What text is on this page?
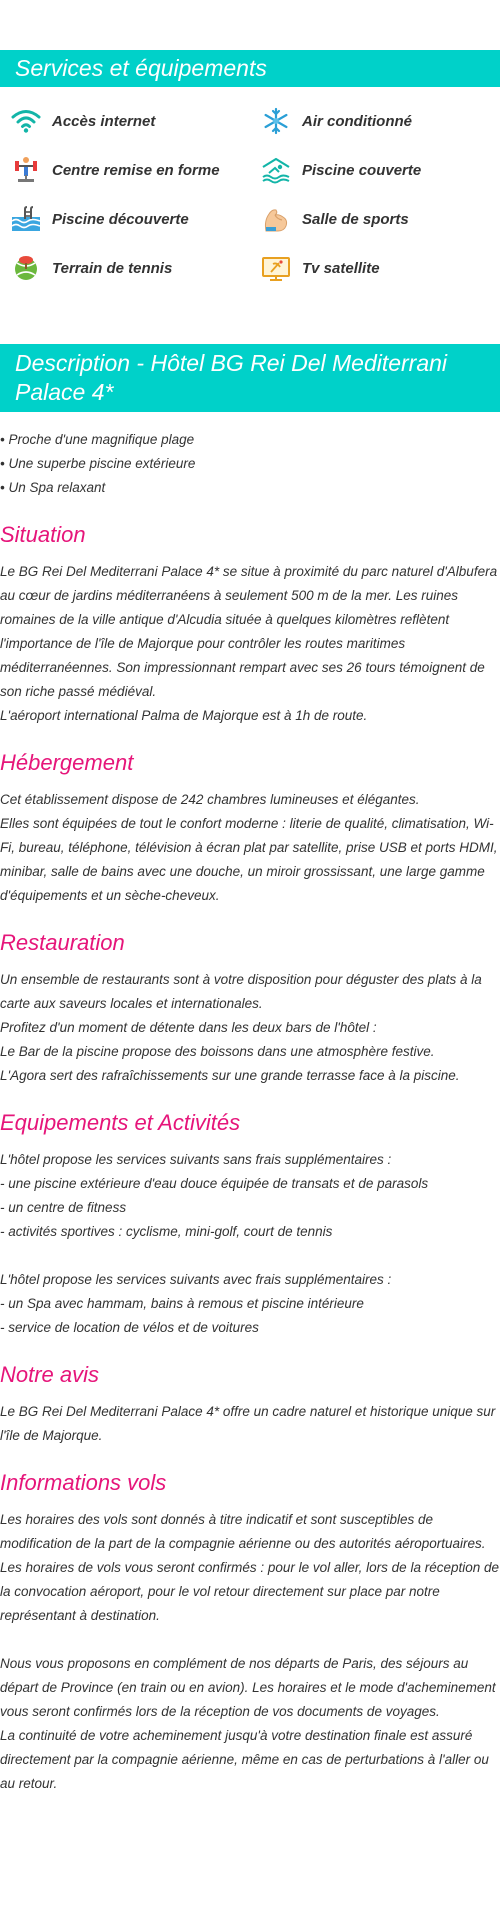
Services et équipements
Accès internet	Air conditionné
Centre remise en forme	Piscine couverte
Piscine découverte	Salle de sports
Terrain de tennis	Tv satellite
Description - Hôtel BG Rei Del Mediterrani Palace 4*
• Proche d'une magnifique plage
• Une superbe piscine extérieure
• Un Spa relaxant
Situation

Le BG Rei Del Mediterrani Palace 4* se situe à proximité du parc naturel d'Albufera au cœur de jardins méditerranéens à seulement 500 m de la mer. Les ruines romaines de la ville antique d'Alcudia située à quelques kilomètres reflètent l'importance de l'île de Majorque pour contrôler les routes maritimes méditerranéennes. Son impressionnant rempart avec ses 26 tours témoignent de son riche passé médiéval.
L'aéroport international Palma de Majorque est à 1h de route.

Hébergement

Cet établissement dispose de 242 chambres lumineuses et élégantes.
Elles sont équipées de tout le confort moderne : literie de qualité, climatisation, Wi-Fi, bureau, téléphone, télévision à écran plat par satellite, prise USB et ports HDMI, minibar, salle de bains avec une douche, un miroir grossissant, une large gamme d'équipements et un sèche-cheveux.

Restauration

Un ensemble de restaurants sont à votre disposition pour déguster des plats à la carte aux saveurs locales et internationales.
Profitez d'un moment de détente dans les deux bars de l'hôtel :
Le Bar de la piscine propose des boissons dans une atmosphère festive.
L'Agora sert des rafraîchissements sur une grande terrasse face à la piscine.

Equipements et Activités

L'hôtel propose les services suivants sans frais supplémentaires :
- une piscine extérieure d'eau douce équipée de transats et de parasols
- un centre de fitness
- activités sportives : cyclisme, mini-golf, court de tennis

L'hôtel propose les services suivants avec frais supplémentaires :
- un Spa avec hammam, bains à remous et piscine intérieure
- service de location de vélos et de voitures

Notre avis

Le BG Rei Del Mediterrani Palace 4* offre un cadre naturel et historique unique sur l'île de Majorque.

Informations vols

Les horaires des vols sont donnés à titre indicatif et sont susceptibles de modification de la part de la compagnie aérienne ou des autorités aéroportuaires.
Les horaires de vols vous seront confirmés : pour le vol aller, lors de la réception de la convocation aéroport, pour le vol retour directement sur place par notre représentant à destination.

Nous vous proposons en complément de nos départs de Paris, des séjours au départ de Province (en train ou en avion). Les horaires et le mode d'acheminement vous seront confirmés lors de la réception de vos documents de voyages.
La continuité de votre acheminement jusqu'à votre destination finale est assuré directement par la compagnie aérienne, même en cas de perturbations à l'aller ou au retour.
